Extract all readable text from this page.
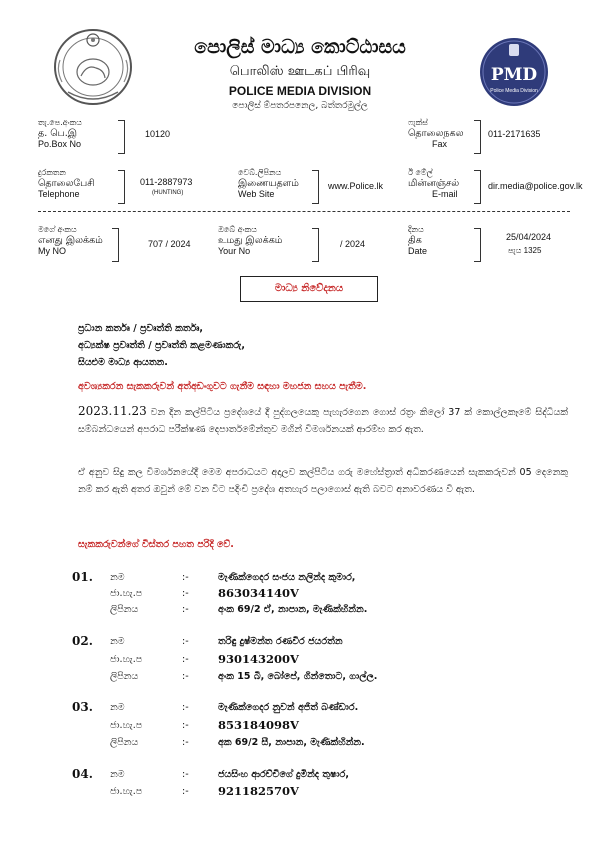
PMD
Police Media Division
පොලිස් මාධ්‍ය කොට්ඨාසය
பொலிஸ் ஊடகப் பிரிவு
POLICE MEDIA DIVISION
පොලිස් ම්පතරපනෙල, බත්තරමුල්ල
තැ.පෙ.අංකය
த. பெ.இ
Po.Box No
10120
ෆැක්ස්
தொலைநகல
Fax
011-2171635
දුරකතන
தொலைபேசி
Telephone
011-2887973
(HUNTING)
වෙබ්.ලිපිනය
இணையதளம்
Web Site
www.Police.lk
ඊ මේල්
மின்னஞ்சல்
E-mail
dir.media@police.gov.lk
මගේ අංකය
எனது இலக்கம்
My NO
707 / 2024
ඔබේ අංකය
உமது இலக்கம்
Your No
/ 2024
දිනය
திக
Date
25/04/2024
පැය 1325
මාධ්‍ය නිවේදනය
ප්‍රධාන කර්තෘ / ප්‍රවෘත්ති කර්තෘ,
අධ්‍යක්ෂ ප්‍රවෘත්ති / ප්‍රවෘත්ති කළමණාකරු,
සියළුම මාධ්‍ය ආයතන.
අවශ්‍යකරන සැකකරුවන් අත්අඩංගුවට ගැනීම සඳහා මහජන සහය පැතීම.
2023.11.23 වන දින කල්පිටිය ප්‍රදේශයේ දී පුද්ගලයෙකු පැහැරගෙන ගොස් රත්‍රං කිලෝ 37 ක් කොල්ලකෑමේ සිද්ධියක් සම්බන්ධයෙන් අපරාධ පරීක්ෂණ දෙපාර්තමේන්තුව මගින් විමර්ශනයක් ආරම්භ කර ඇත.
ඒ අනුව සිදු කල විමර්ශනයේදී මෙම අපරාධයට අදාලව කල්පිටිය ගරු මහේස්ත්‍රාත් අධිකරණයෙන් සැකකරුවන් 05 දෙනෙකු නම් කර ඇති අතර ඔවුන් මේ වන විට පදිංචි ප්‍රදේශ අතහැර පලාගොස් ඇති බවට අනාවරණය වී ඇත.
සැකකරුවන්ගේ විස්තර පහත පරිදි වේ.
01. නම	:-	මැණික්ගෙදර සංජය නලින්ද කුමාර,
ජා.හැ.ප	:-	863034140V
ලිපිනය	:-	අංක 69/2 ඒ, නාපාන, මැණික්හින්න.
02. නම	:-	තරිඳු දුෂ්මන්ත රණවීර ජයරත්න
ජා.හැ.ප	:-	930143200V
ලිපිනය	:-	අංක 15 බී, බෝපේ, ගින්තොට, ගාල්ල.
03. නම	:-	මැණික්ගෙදර නුවන් අජිත් බණ්ඩාර.
ජා.හැ.ප	:-	853184098V
ලිපිනය	:-	අක 69/2 සී, නාපාන, මැණික්හින්න.
04. නම	:-	ජයසිංහ ආරච්චිගේ දුමින්ද තුෂාර,
ජා.හැ.ප	:-	921182570V
